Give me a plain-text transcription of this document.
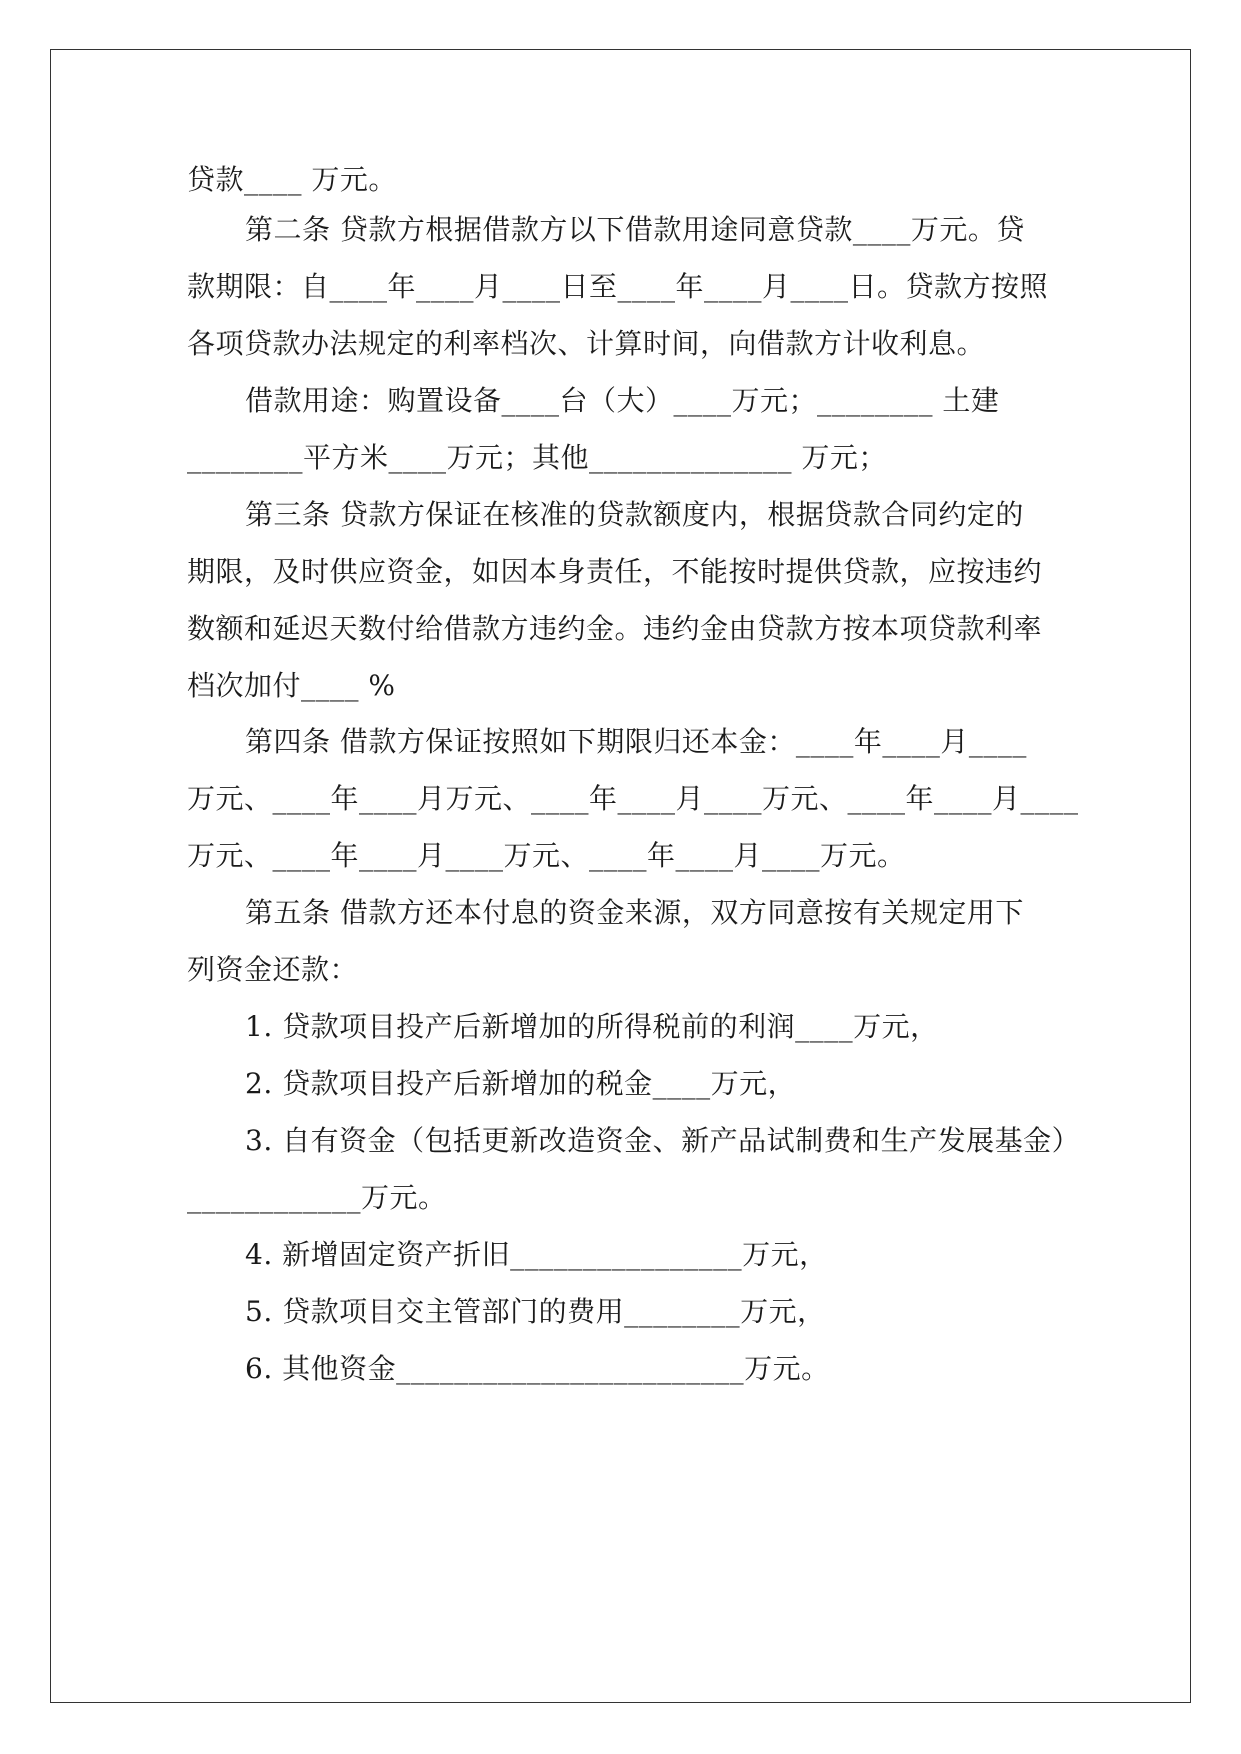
贷款____ 万元。
第二条 贷款方根据借款方以下借款用途同意贷款____万元。贷
款期限：自____年____月____日至____年____月____日。贷款方按照
各项贷款办法规定的利率档次、计算时间，向借款方计收利息。
借款用途：购置设备____台（大）____万元；________ 土建
________平方米____万元；其他______________ 万元；
第三条 贷款方保证在核准的贷款额度内，根据贷款合同约定的
期限，及时供应资金，如因本身责任，不能按时提供贷款，应按违约
数额和延迟天数付给借款方违约金。违约金由贷款方按本项贷款利率
档次加付____ %
第四条 借款方保证按照如下期限归还本金：____年____月____
万元、____年____月万元、____年____月____万元、____年____月____
万元、____年____月____万元、____年____月____万元。
第五条 借款方还本付息的资金来源，双方同意按有关规定用下
列资金还款：
1. 贷款项目投产后新增加的所得税前的利润____万元，
2. 贷款项目投产后新增加的税金____万元，
3. 自有资金（包括更新改造资金、新产品试制费和生产发展基金）
____________万元。
4. 新增固定资产折旧________________万元，
5. 贷款项目交主管部门的费用________万元，
6. 其他资金________________________万元。
